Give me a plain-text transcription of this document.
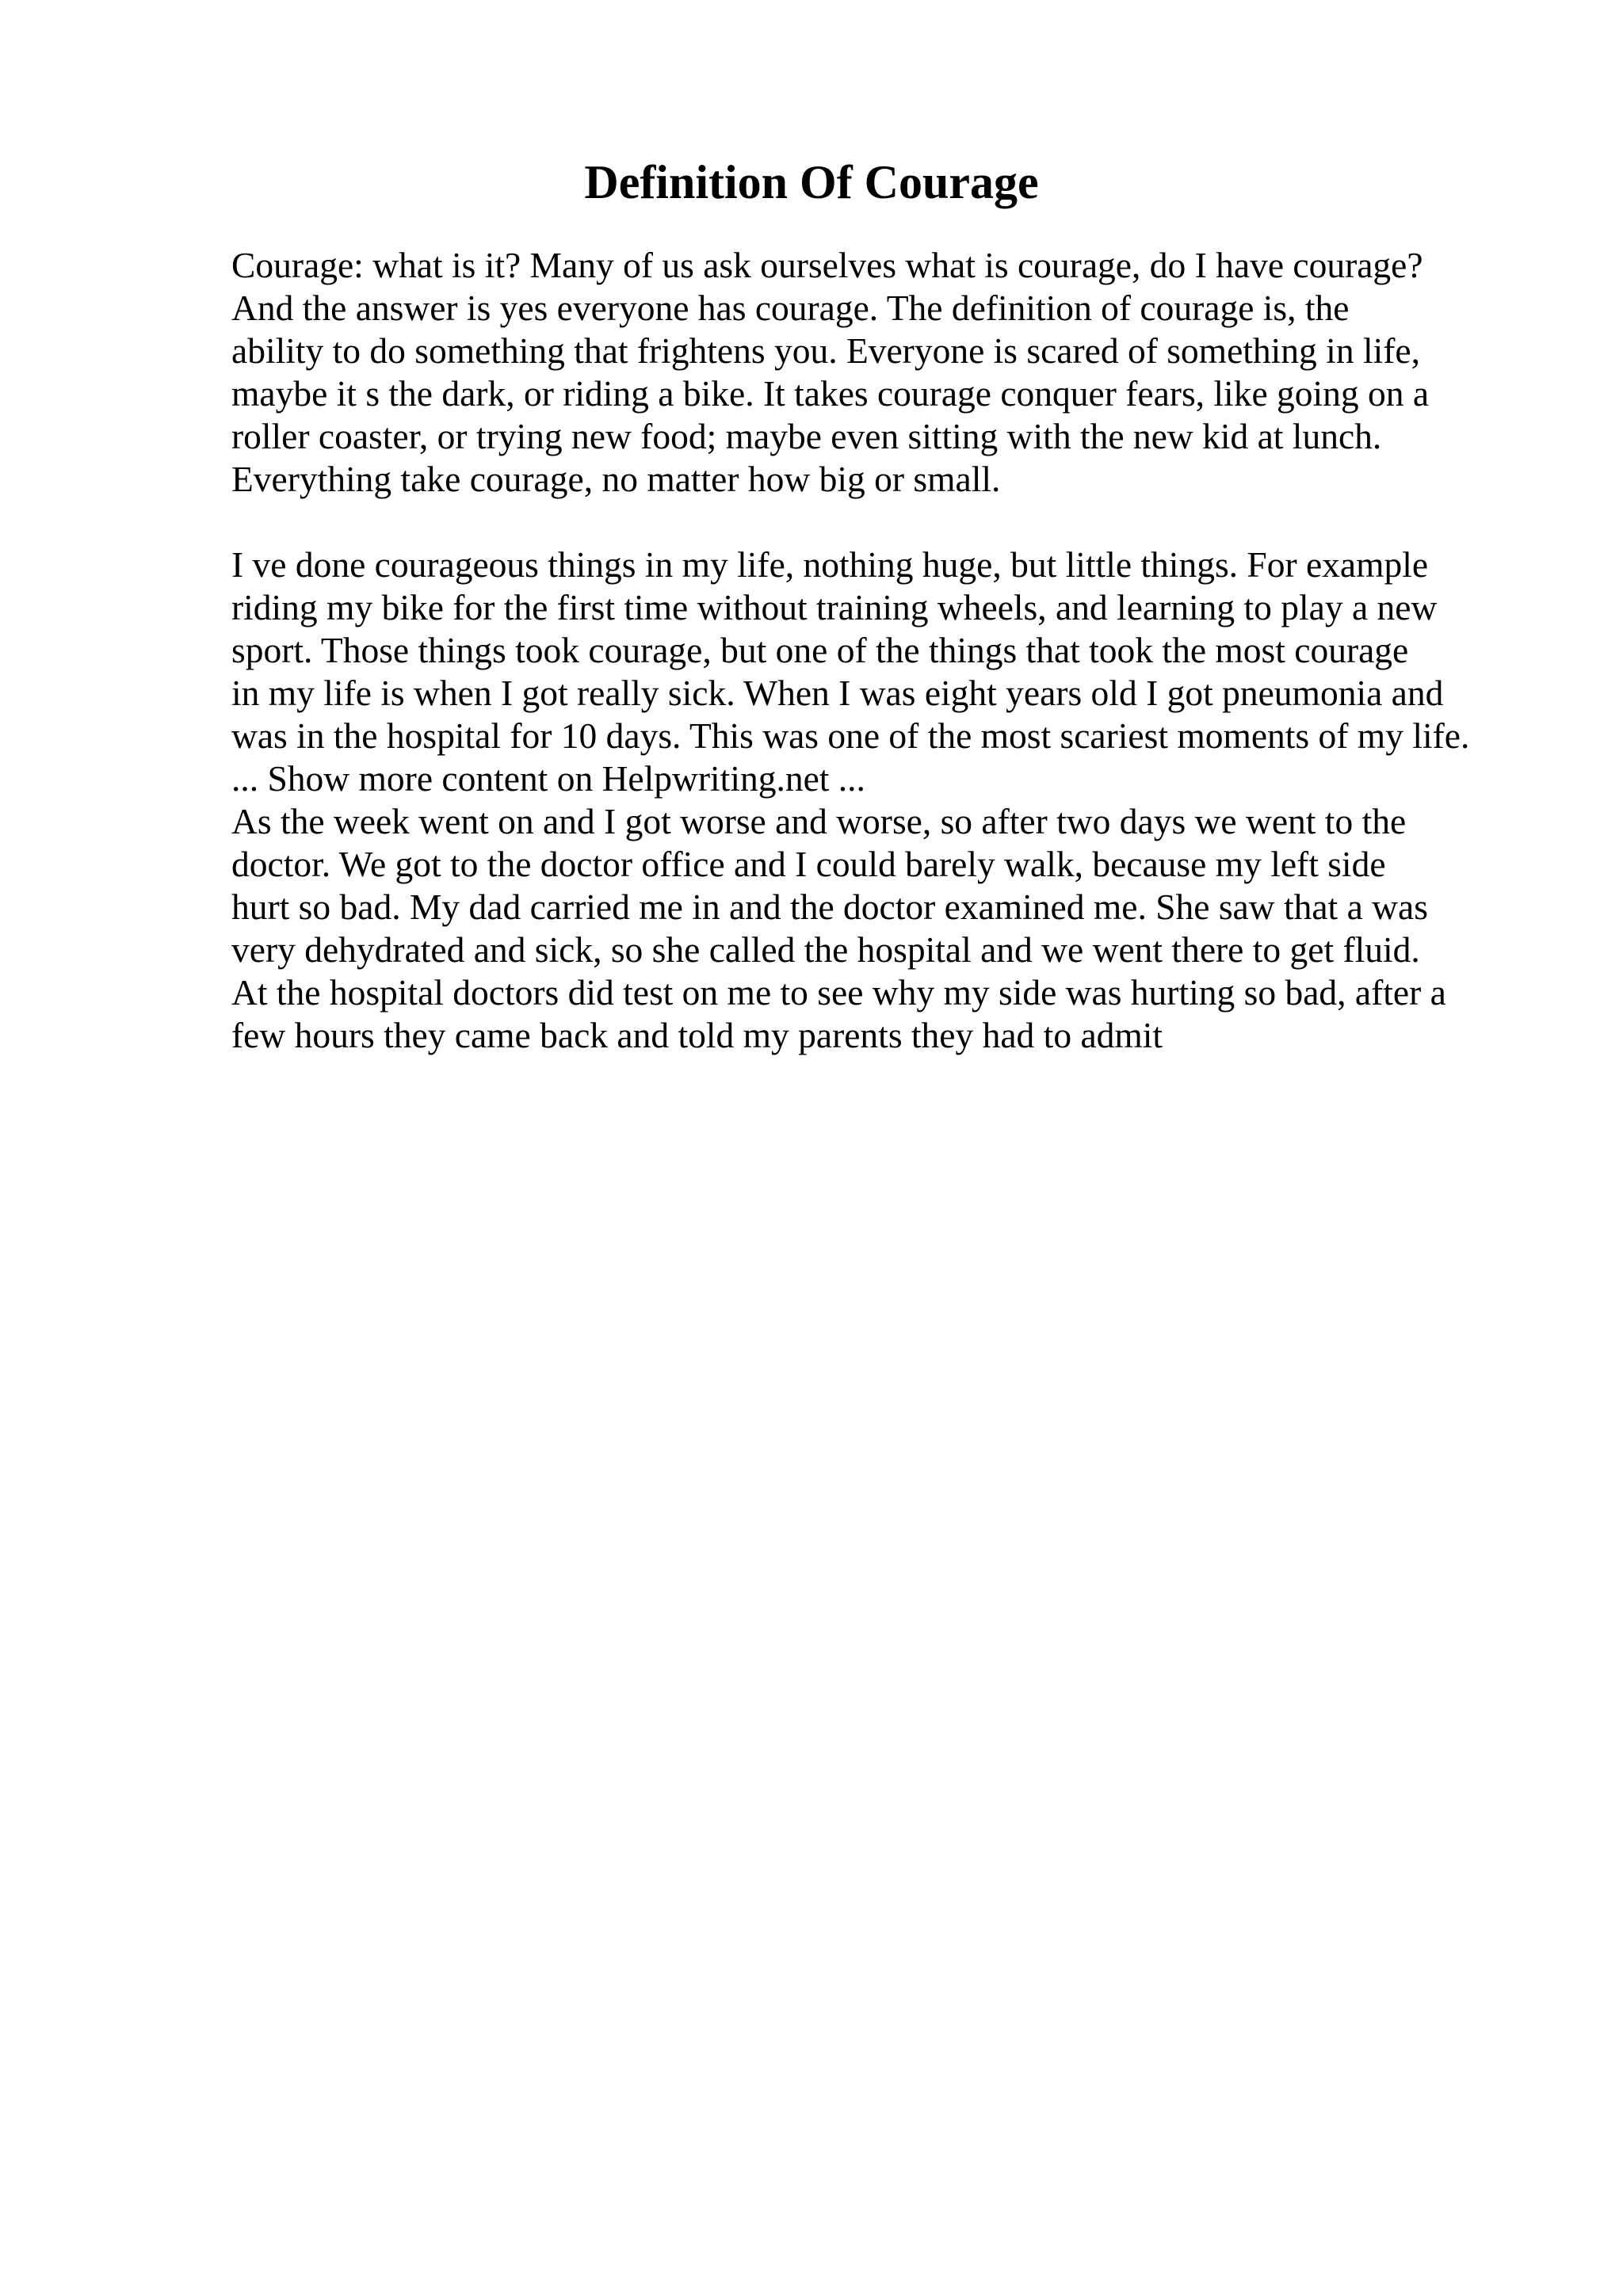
Definition Of Courage
Courage: what is it? Many of us ask ourselves what is courage, do I have courage?
And the answer is yes everyone has courage. The definition of courage is, the
ability to do something that frightens you. Everyone is scared of something in life,
maybe it s the dark, or riding a bike. It takes courage conquer fears, like going on a
roller coaster, or trying new food; maybe even sitting with the new kid at lunch.
Everything take courage, no matter how big or small.
I ve done courageous things in my life, nothing huge, but little things. For example
riding my bike for the first time without training wheels, and learning to play a new
sport. Those things took courage, but one of the things that took the most courage
in my life is when I got really sick. When I was eight years old I got pneumonia and
was in the hospital for 10 days. This was one of the most scariest moments of my life.
... Show more content on Helpwriting.net ...
As the week went on and I got worse and worse, so after two days we went to the
doctor. We got to the doctor office and I could barely walk, because my left side
hurt so bad. My dad carried me in and the doctor examined me. She saw that a was
very dehydrated and sick, so she called the hospital and we went there to get fluid.
At the hospital doctors did test on me to see why my side was hurting so bad, after a
few hours they came back and told my parents they had to admit
